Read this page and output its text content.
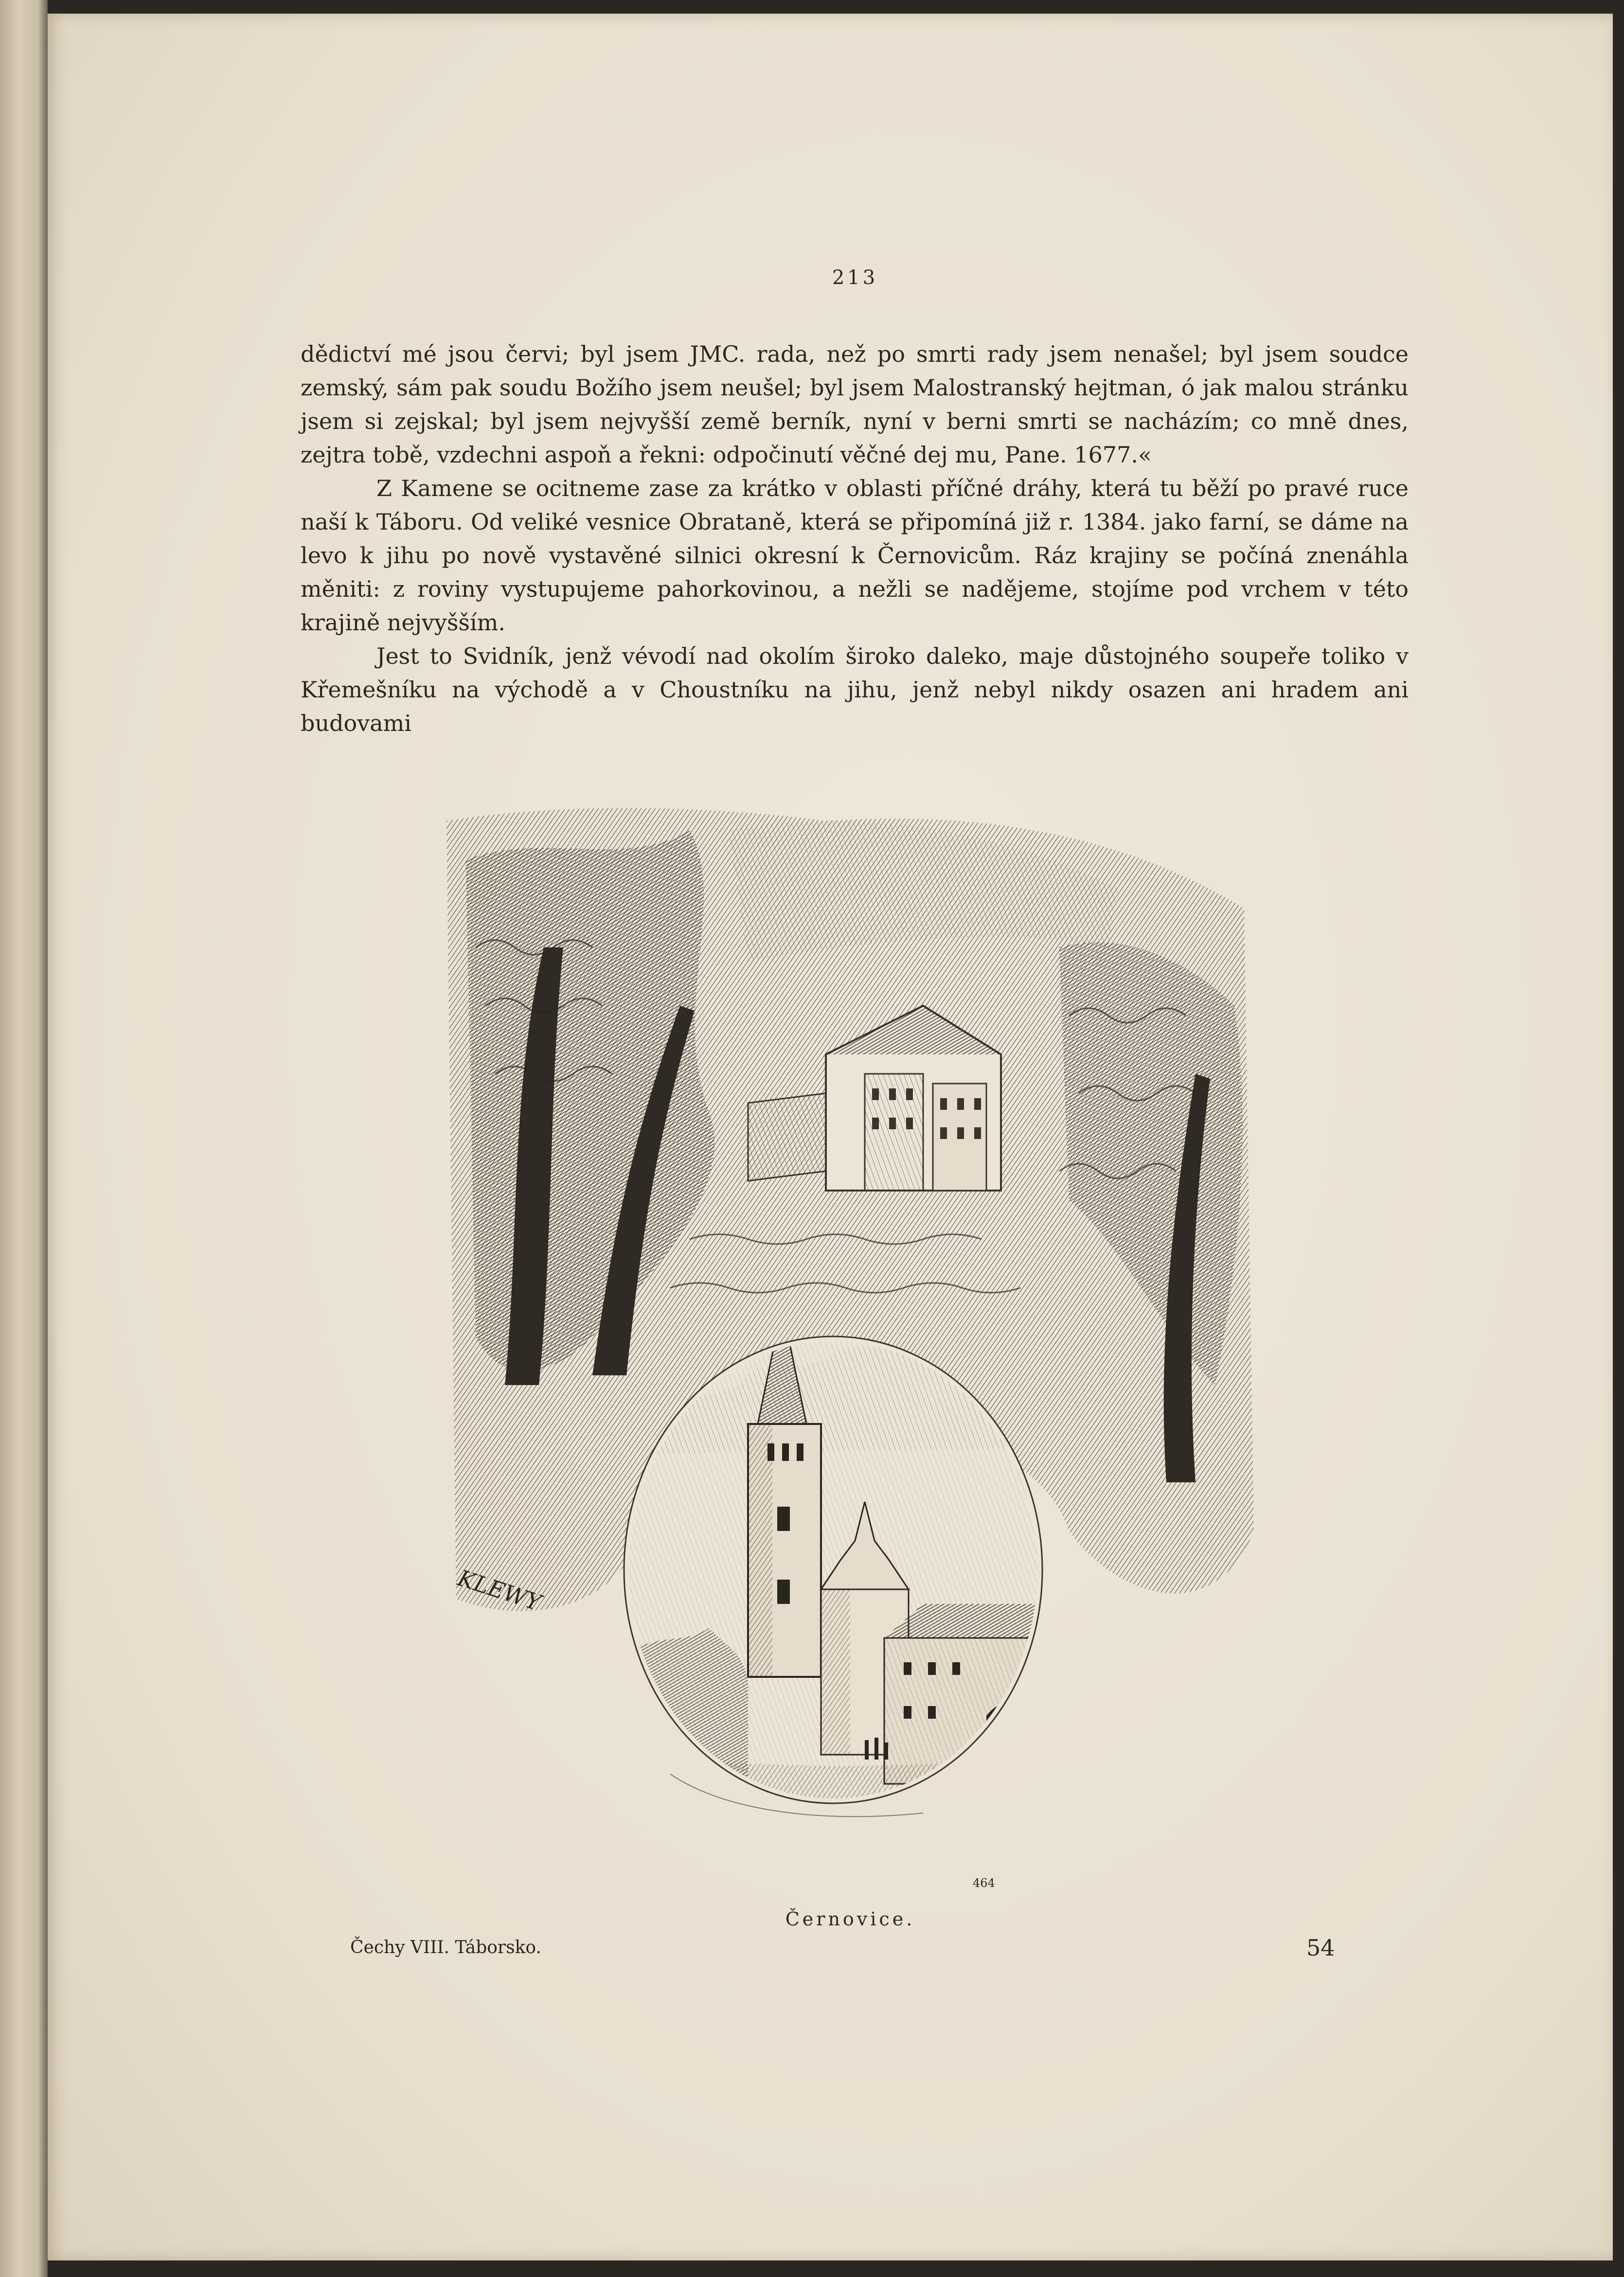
213

dědictví mé jsou červi; byl jsem JMC. rada, než po smrti rady jsem nenašel; byl jsem soudce zemský, sám pak soudu Božího jsem neušel; byl jsem Malostranský hejtman, ó jak malou stránku jsem si zejskal; byl jsem nejvyšší země berník, nyní v berni smrti se nacházím; co mně dnes, zejtra tobě, vzdechni aspoň a řekni: odpočinutí věčné dej mu, Pane. 1677.«

Z Kamene se ocitneme zase za krátko v oblasti příčné dráhy, která tu běží po pravé ruce naší k Táboru. Od veliké vesnice Obrataně, která se připomíná již r. 1384. jako farní, se dáme na levo k jihu po nově vystavěné silnici okresní k Černovicům. Ráz krajiny se počíná znenáhla měniti: z roviny vystupujeme pahorkovinou, a nežli se nadějeme, stojíme pod vrchem v této krajině nejvyšším.

Jest to Svidník, jenž vévodí nad okolím široko daleko, maje důstojného soupeře toliko v Křemešníku na východě a v Choustníku na jihu, jenž nebyl nikdy osazen ani hradem ani budovami

KLEWY
464
Černovice.
Čechy VIII. Táborsko.	54
